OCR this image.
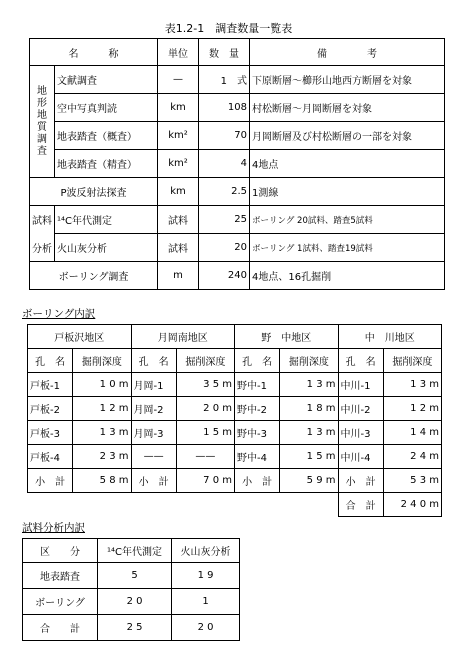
表1.2-1　調査数量一覧表
名　　　称		単位	数　量	備　　　　考
地形地質調査	文献調査	—	1　式	下原断層〜櫛形山地西方断層を対象
	空中写真判読	km	108	村松断層〜月岡断層を対象
	地表踏査（概査）	km²	70	月岡断層及び村松断層の一部を対象
	地表踏査（精査）	km²	4	4地点
P波反射法探査		km	2.5	1測線
試料	¹⁴C年代測定	試料	25	ボーリング 20試料、踏査5試料
分析	火山灰分析	試料	20	ボーリング 1試料、踏査19試料
ボーリング調査		m	240	4地点、16孔掘削
ボーリング内訳
戸板沢地区		月岡南地区		野　中地区		中　川地区	
孔　名	掘削深度	孔　名	掘削深度	孔　名	掘削深度	孔　名	掘削深度
戸板-1	1 0 m	月岡-1	3 5 m	野中-1	1 3 m	中川-1	1 3 m
戸板-2	1 2 m	月岡-2	2 0 m	野中-2	1 8 m	中川-2	1 2 m
戸板-3	1 3 m	月岡-3	1 5 m	野中-3	1 3 m	中川-3	1 4 m
戸板-4	2 3 m	——	——	野中-4	1 5 m	中川-4	2 4 m
小　計	5 8 m	小　計	7 0 m	小　計	5 9 m	小　計	5 3 m
						合　計	2 4 0 m
試料分析内訳
区　　分	¹⁴C年代測定	火山灰分析
地表踏査	5	1 9
ボーリング	2 0	1
合　　計	2 5	2 0
